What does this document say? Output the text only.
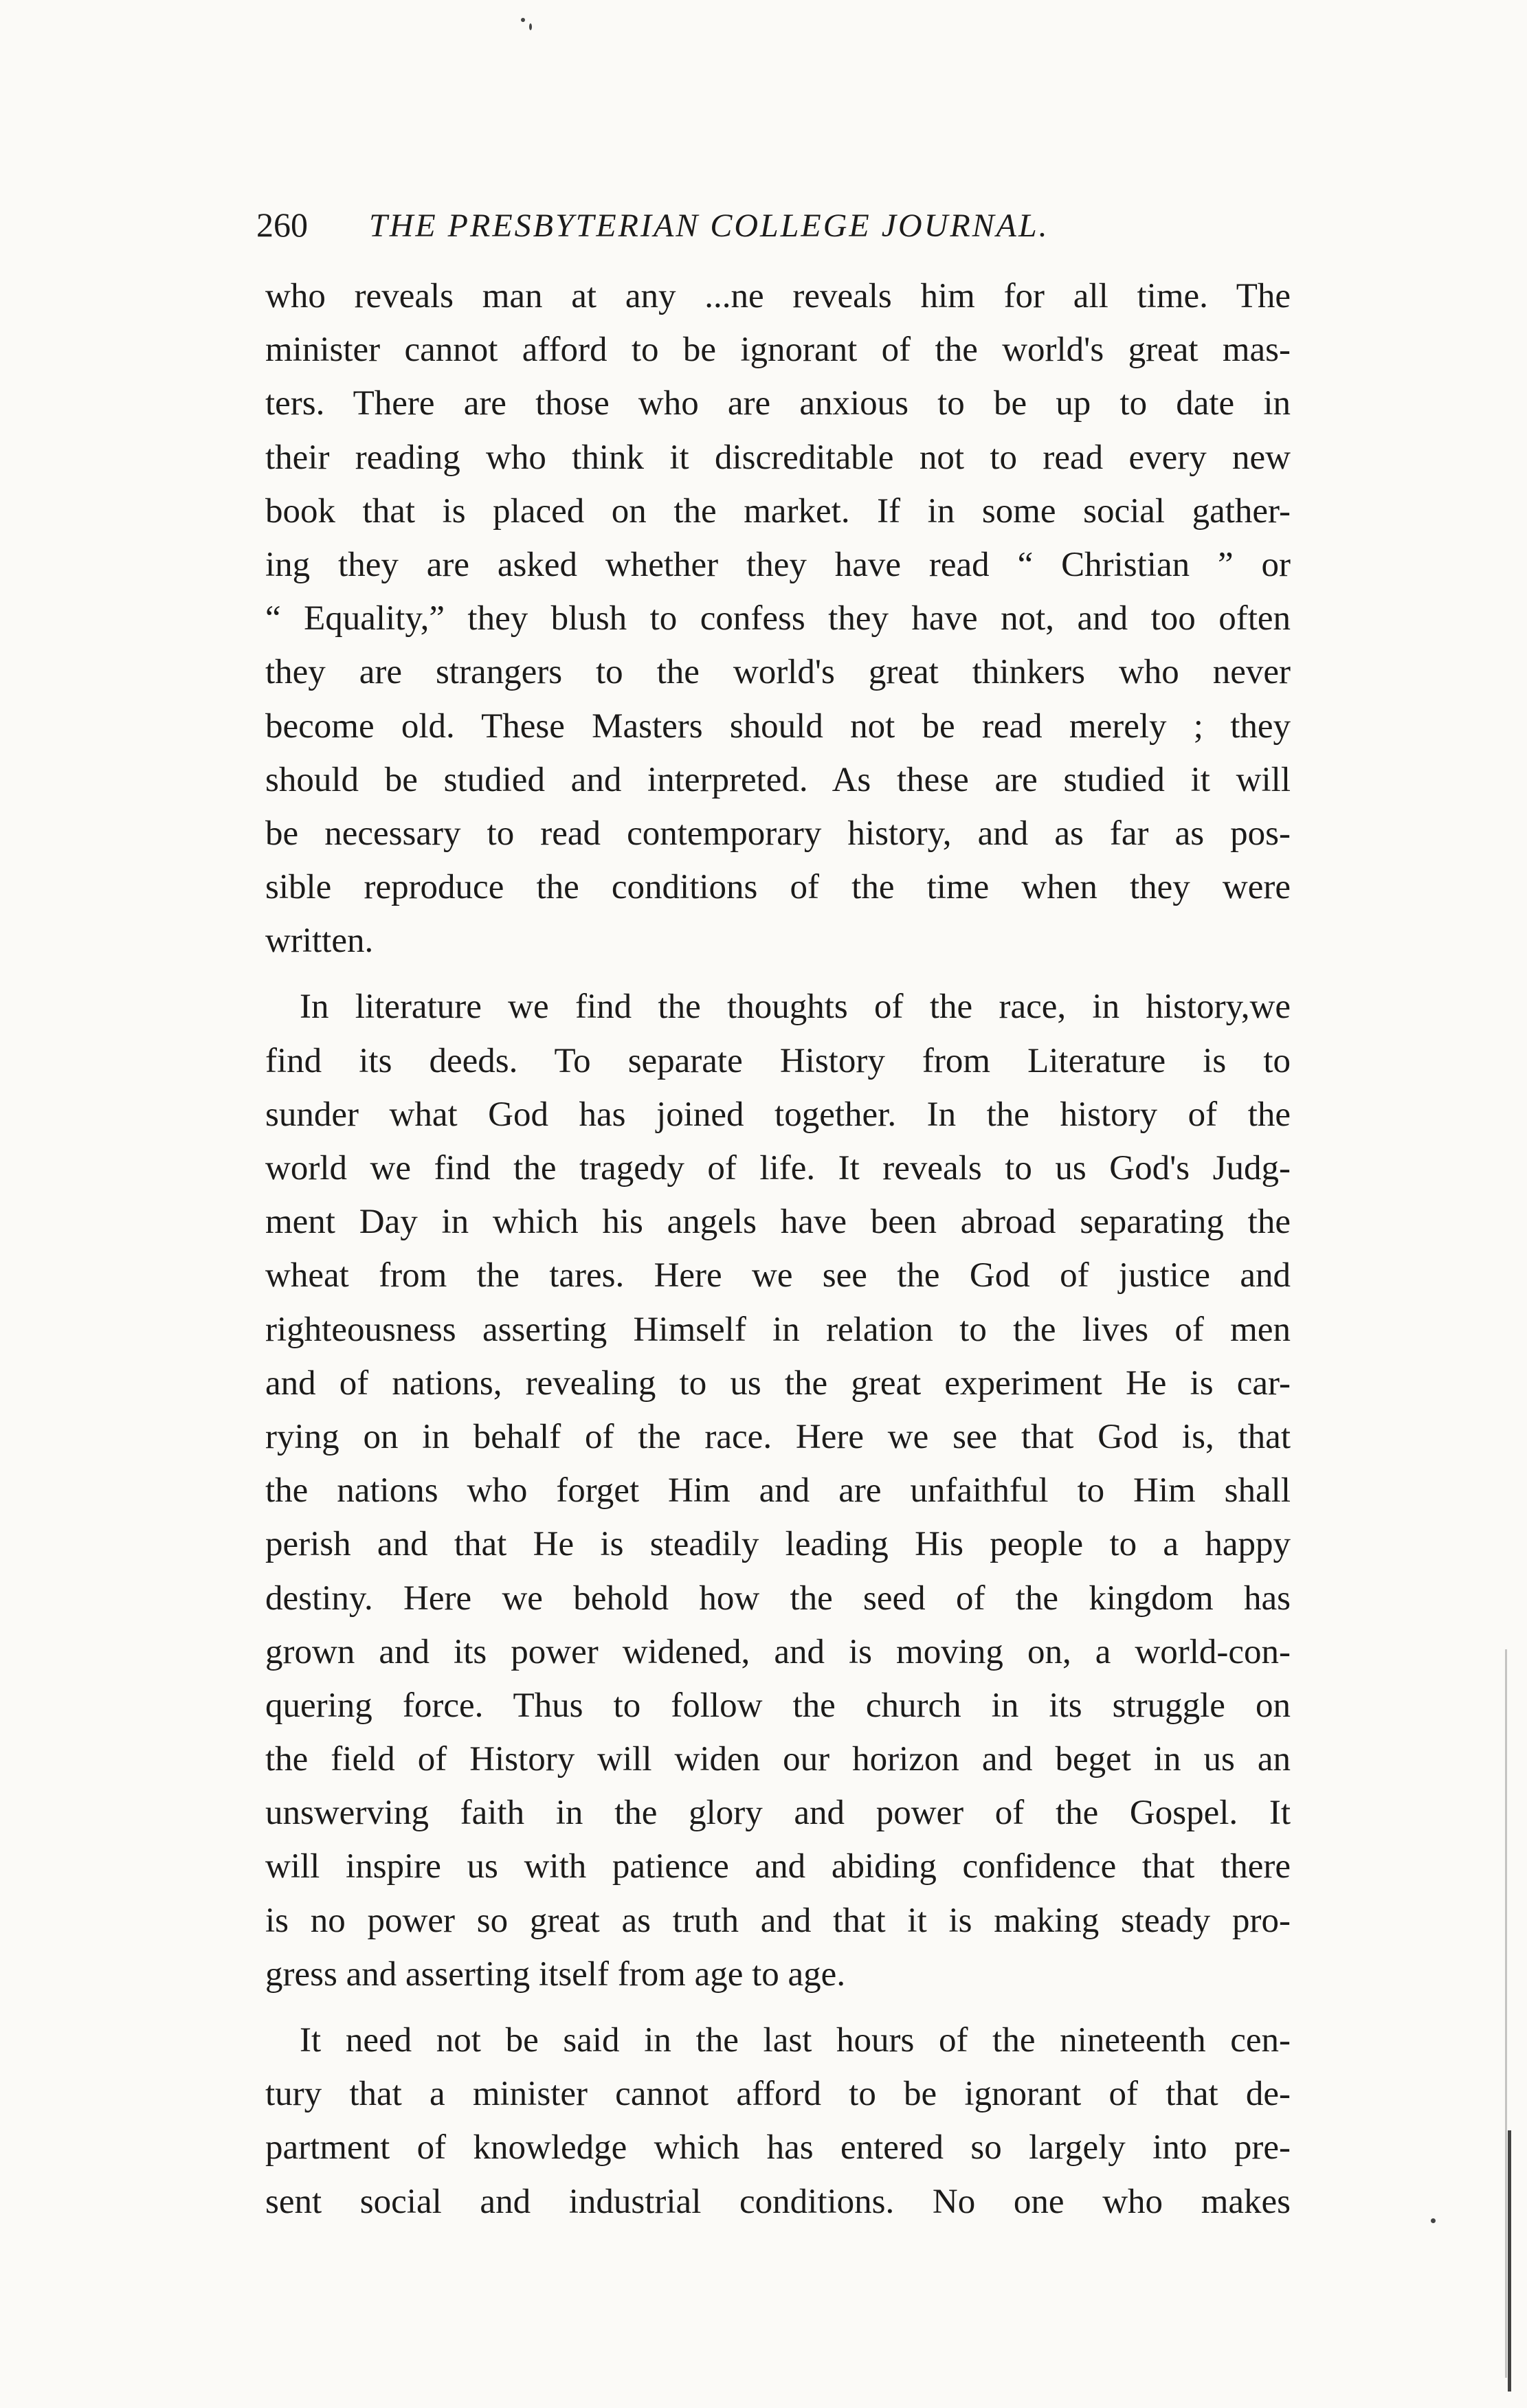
260 THE PRESBYTERIAN COLLEGE JOURNAL.
who reveals man at any ...ne reveals him for all time. The
minister cannot afford to be ignorant of the world's great mas-
ters. There are those who are anxious to be up to date in
their reading who think it discreditable not to read every new
book that is placed on the market. If in some social gather-
ing they are asked whether they have read “ Christian ” or
“ Equality,” they blush to confess they have not, and too often
they are strangers to the world's great thinkers who never
become old. These Masters should not be read merely ; they
should be studied and interpreted. As these are studied it will
be necessary to read contemporary history, and as far as pos-
sible reproduce the conditions of the time when they were
written.
In literature we find the thoughts of the race, in history,we
find its deeds. To separate History from Literature is to
sunder what God has joined together. In the history of the
world we find the tragedy of life. It reveals to us God's Judg-
ment Day in which his angels have been abroad separating the
wheat from the tares. Here we see the God of justice and
righteousness asserting Himself in relation to the lives of men
and of nations, revealing to us the great experiment He is car-
rying on in behalf of the race. Here we see that God is, that
the nations who forget Him and are unfaithful to Him shall
perish and that He is steadily leading His people to a happy
destiny. Here we behold how the seed of the kingdom has
grown and its power widened, and is moving on, a world-con-
quering force. Thus to follow the church in its struggle on
the field of History will widen our horizon and beget in us an
unswerving faith in the glory and power of the Gospel. It
will inspire us with patience and abiding confidence that there
is no power so great as truth and that it is making steady pro-
gress and asserting itself from age to age.
It need not be said in the last hours of the nineteenth cen-
tury that a minister cannot afford to be ignorant of that de-
partment of knowledge which has entered so largely into pre-
sent social and industrial conditions. No one who makes
